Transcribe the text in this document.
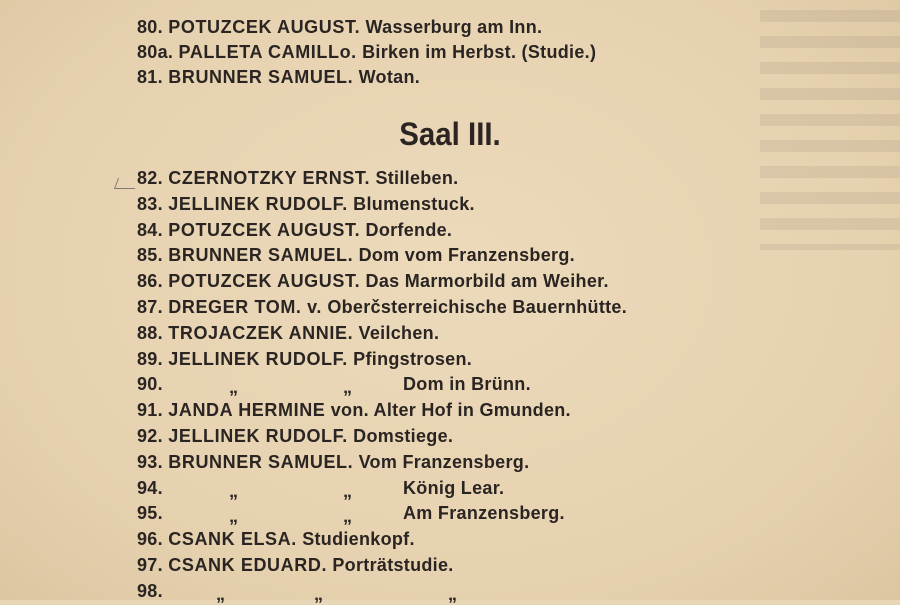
80. POTUZCEK AUGUST. Wasserburg am Inn.
80a. PALLETA CAMILLo. Birken im Herbst. (Studie.)
81. BRUNNER SAMUEL. Wotan.
Saal III.
82. CZERNOTZKY ERNST. Stilleben.
83. JELLINEK RUDOLF. Blumenstuck.
84. POTUZCEK AUGUST. Dorfende.
85. BRUNNER SAMUEL. Dom vom Franzensberg.
86. POTUZCEK AUGUST. Das Marmorbild am Weiher.
87. DREGER TOM. v. Oberčsterreichische Bauernhütte.
88. TROJACZEK ANNIE. Veilchen.
89. JELLINEK RUDOLF. Pfingstrosen.
90.	„	„	Dom in Brünn.
91. JANDA HERMINE von. Alter Hof in Gmunden.
92. JELLINEK RUDOLF. Domstiege.
93. BRUNNER SAMUEL. Vom Franzensberg.
94.	„	„	König Lear.
95.	„	„	Am Franzensberg.
96. CSANK ELSA. Studienkopf.
97. CSANK EDUARD. Porträtstudie.
98.	„	„	„
